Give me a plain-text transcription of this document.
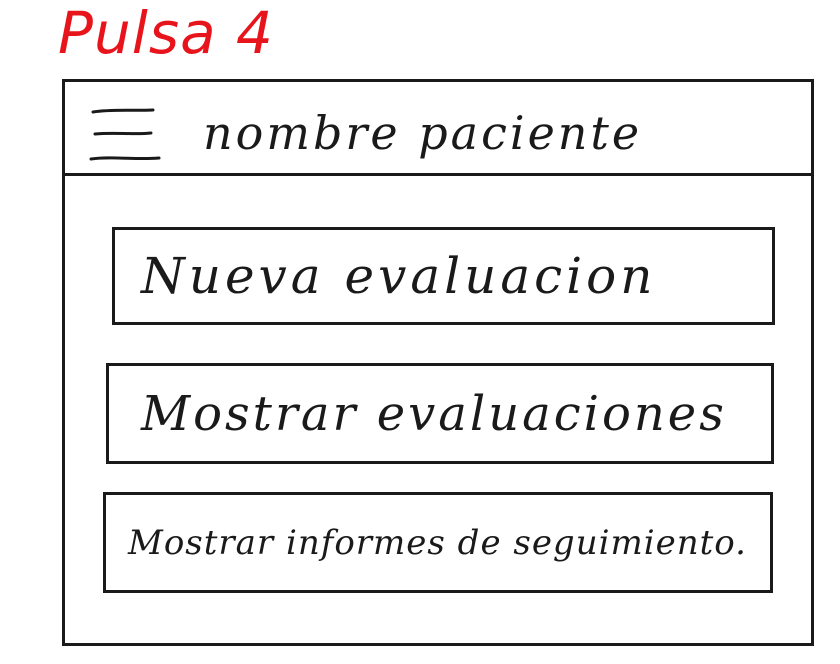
Pulsa 4
nombre paciente
Nueva evaluacion
Mostrar evaluaciones
Mostrar informes de seguimiento.
